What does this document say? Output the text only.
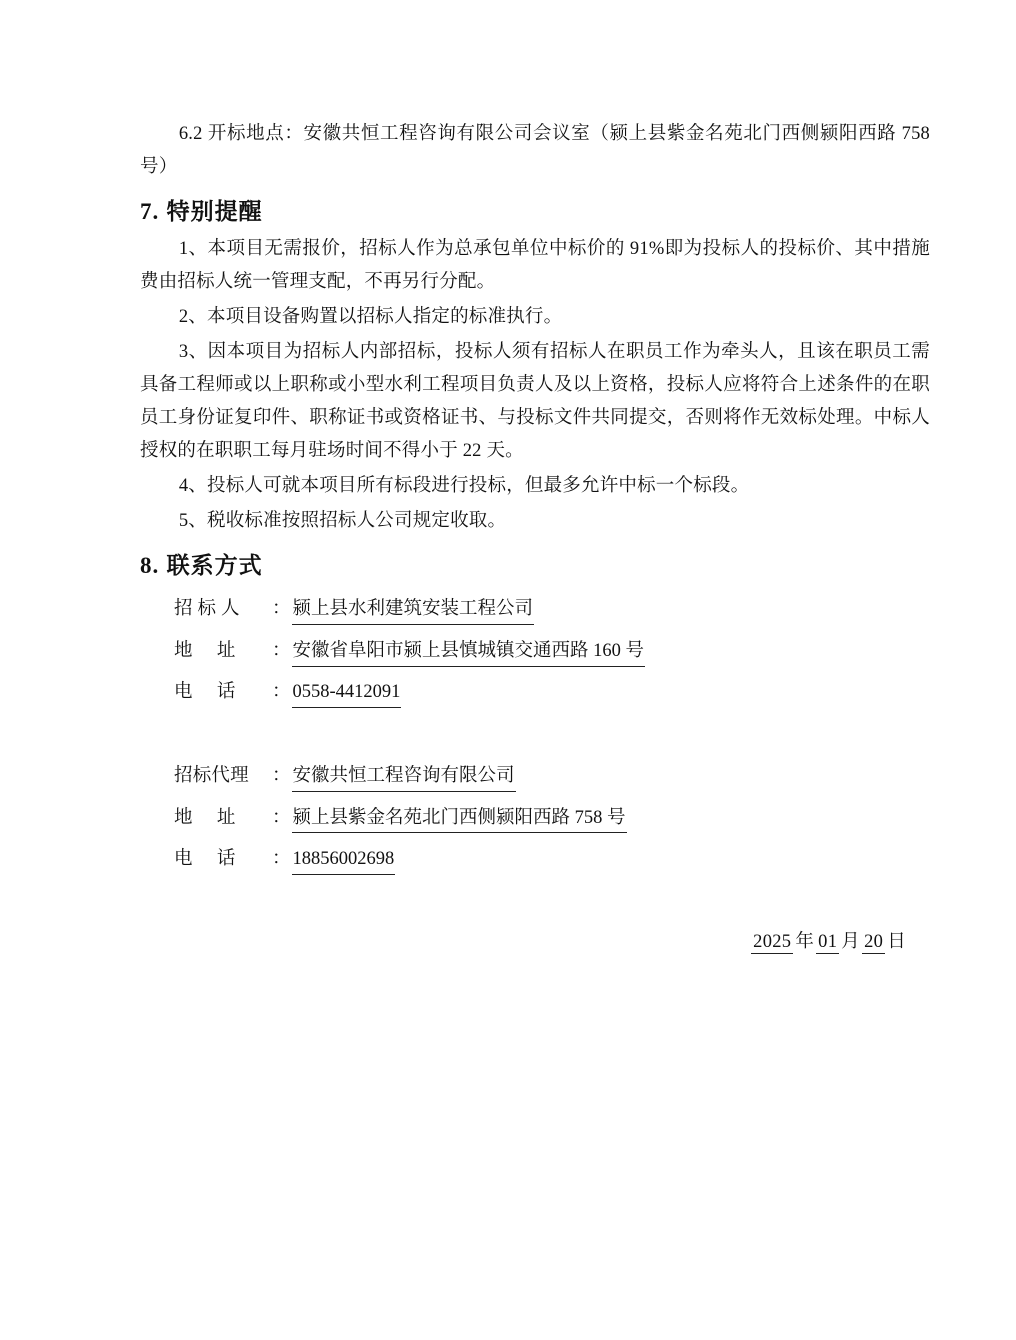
6.2 开标地点：安徽共恒工程咨询有限公司会议室（颍上县紫金名苑北门西侧颍阳西路 758 号）

7. 特别提醒

1、本项目无需报价，招标人作为总承包单位中标价的 91%即为投标人的投标价、其中措施费由招标人统一管理支配，不再另行分配。

2、本项目设备购置以招标人指定的标准执行。

3、因本项目为招标人内部招标，投标人须有招标人在职员工作为牵头人，且该在职员工需具备工程师或以上职称或小型水利工程项目负责人及以上资格，投标人应将符合上述条件的在职员工身份证复印件、职称证书或资格证书、与投标文件共同提交，否则将作无效标处理。中标人授权的在职职工每月驻场时间不得小于 22 天。

4、投标人可就本项目所有标段进行投标，但最多允许中标一个标段。

5、税收标准按照招标人公司规定收取。

8. 联系方式
招 标 人	： 颍上县水利建筑安装工程公司
地     址	： 安徽省阜阳市颍上县慎城镇交通西路 160 号
电     话	： 0558-4412091
招标代理	： 安徽共恒工程咨询有限公司
地     址	： 颍上县紫金名苑北门西侧颍阳西路 758 号
电     话	： 18856002698
2025 年 01 月 20 日
